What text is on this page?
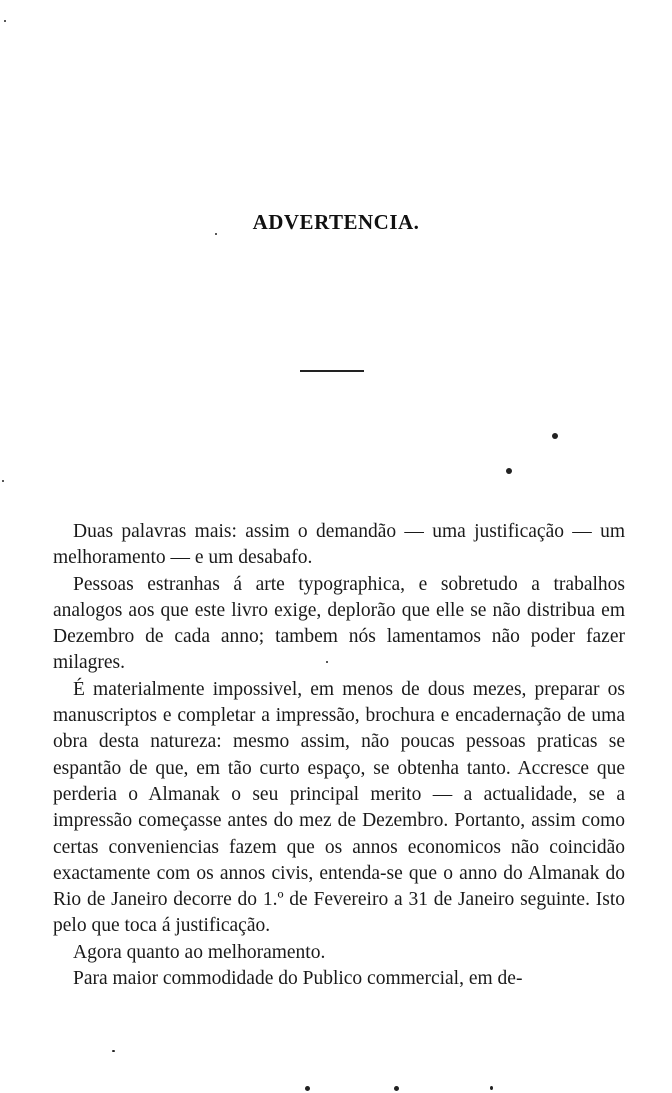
ADVERTENCIA.

Duas palavras mais: assim o demandão — uma justificação — um melhoramento — e um desabafo.

Pessoas estranhas á arte typographica, e sobretudo a trabalhos analogos aos que este livro exige, deplorão que elle se não distribua em Dezembro de cada anno; tambem nós lamentamos não poder fazer milagres.

É materialmente impossivel, em menos de dous mezes, preparar os manuscriptos e completar a impressão, brochura e encadernação de uma obra desta natureza: mesmo assim, não poucas pessoas praticas se espantão de que, em tão curto espaço, se obtenha tanto. Accresce que perderia o Almanak o seu principal merito — a actualidade, se a impressão começasse antes do mez de Dezembro. Portanto, assim como certas conveniencias fazem que os annos economicos não coincidão exactamente com os annos civis, entenda-se que o anno do Almanak do Rio de Janeiro decorre do 1.º de Fevereiro a 31 de Janeiro seguinte. Isto pelo que toca á justificação.

Agora quanto ao melhoramento.

Para maior commodidade do Publico commercial, em de-
